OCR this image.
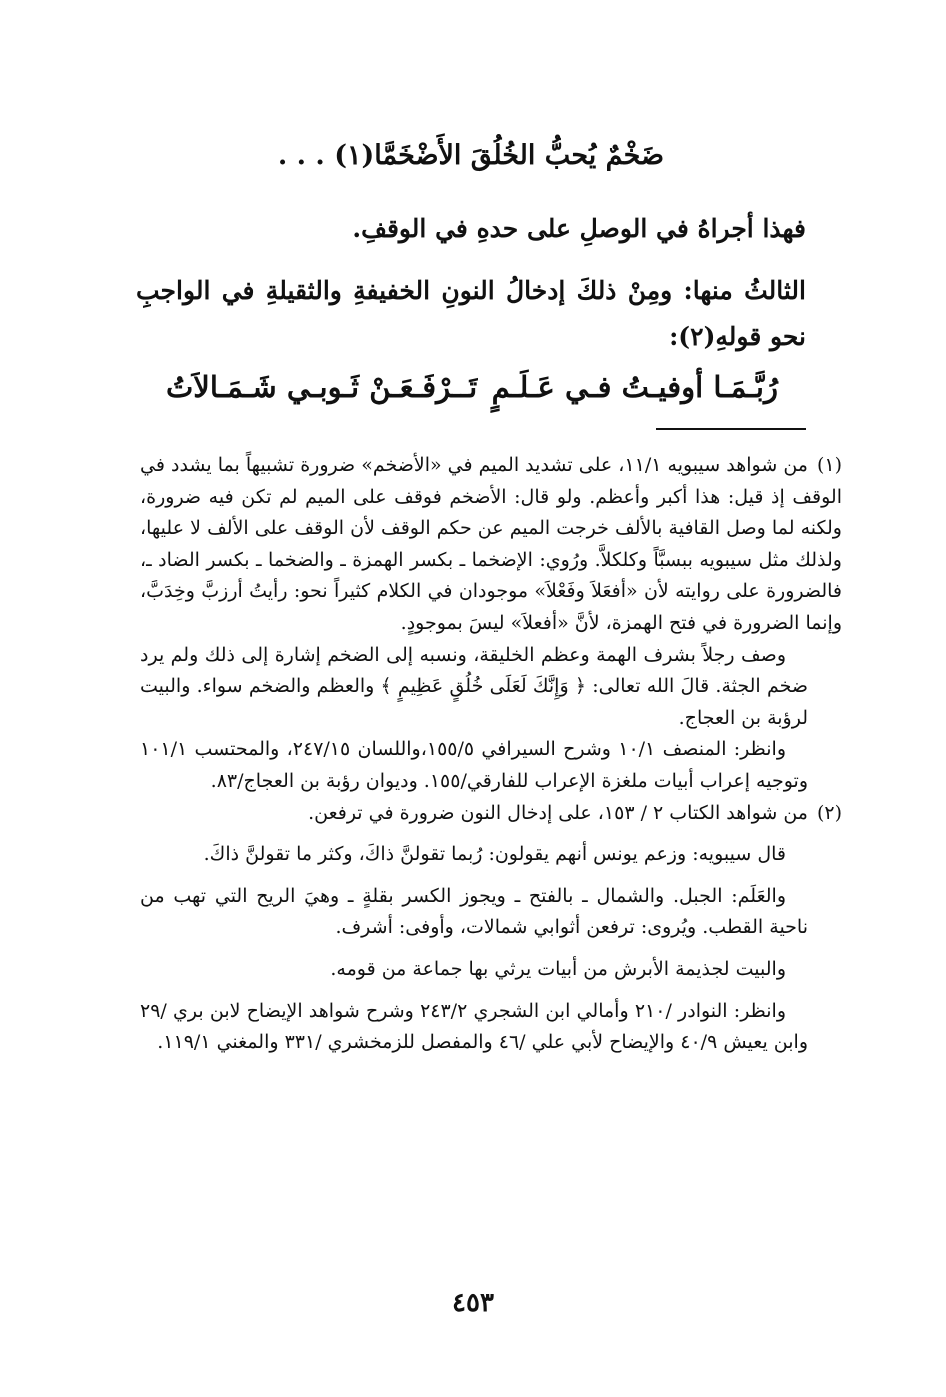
ضَخْمٌ يُحبُّ الخُلُقَ الأَضْخَمَّا(١) . . .
فهذا أجراهُ في الوصلِ على حدهِ في الوقفِ.
الثالثُ منها: ومِنْ ذلكَ إدخالُ النونِ الخفيفةِ والثقيلةِ في الواجبِ نحو قولهِ(٢):
رُبَّـمَـا أوفيـتُ فـي عَـلَـمٍ
تَــرْفَـعَـنْ ثَـوبـي شَـمَـالاَتُ

(١)من شواهد سيبويه ١١/١، على تشديد الميم في «الأضخم» ضرورة تشبيهاً بما يشدد في الوقف إذ قيل: هذا أكبر وأعظم. ولو قال: الأضخم فوقف على الميم لم تكن فيه ضرورة، ولكنه لما وصل القافية بالألف خرجت الميم عن حكم الوقف لأن الوقف على الألف لا عليها، ولذلك مثل سيبويه ببسبَّاً وكلكلاَّ. ورُوي: الإضخما ـ بكسر الهمزة ـ والضخما ـ بكسر الضاد ـ، فالضرورة على روايته لأن «أفعَلاَ وفَعْلاَ» موجودان في الكلام كثيراً نحو: رأيتُ أرزبَّ وخِدَبَّ، وإنما الضرورة في فتح الهمزة، لأنَّ «أفعلاَ» ليسَ بموجودٍ.

وصف رجلاً بشرف الهمة وعظم الخليقة، ونسبه إلى الضخم إشارة إلى ذلك ولم يرد ضخم الجثة. قالَ الله تعالى: ﴿ وَإِنَّكَ لَعَلَى خُلُقٍ عَظِيمٍ ﴾ والعظم والضخم سواء. والبيت لرؤبة بن العجاج.

وانظر: المنصف ١٠/١ وشرح السيرافي ١٥٥/٥،واللسان ٢٤٧/١٥، والمحتسب ١٠١/١ وتوجيه إعراب أبيات ملغزة الإعراب للفارقي/١٥٥. وديوان رؤبة بن العجاج/٨٣.

(٢)من شواهد الكتاب ٢ / ١٥٣، على إدخال النون ضرورة في ترفعن.

قال سيبويه: وزعم يونس أنهم يقولون: رُبما تقولنَّ ذاكَ، وكثر ما تقولنَّ ذاكَ.

والعَلَم: الجبل. والشمال ـ بالفتح ـ ويجوز الكسر بقلةٍ ـ وهيَ الريح التي تهب من ناحية القطب. ويُروى: ترفعن أثوابي شمالات، وأوفى: أشرف.

والبيت لجذيمة الأبرش من أبيات يرثي بها جماعة من قومه.

وانظر: النوادر /٢١٠ وأمالي ابن الشجري ٢٤٣/٢ وشرح شواهد الإيضاح لابن بري /٢٩ وابن يعيش ٤٠/٩ والإيضاح لأبي علي /٤٦ والمفصل للزمخشري /٣٣١ والمغني ١١٩/١.

٤٥٣
